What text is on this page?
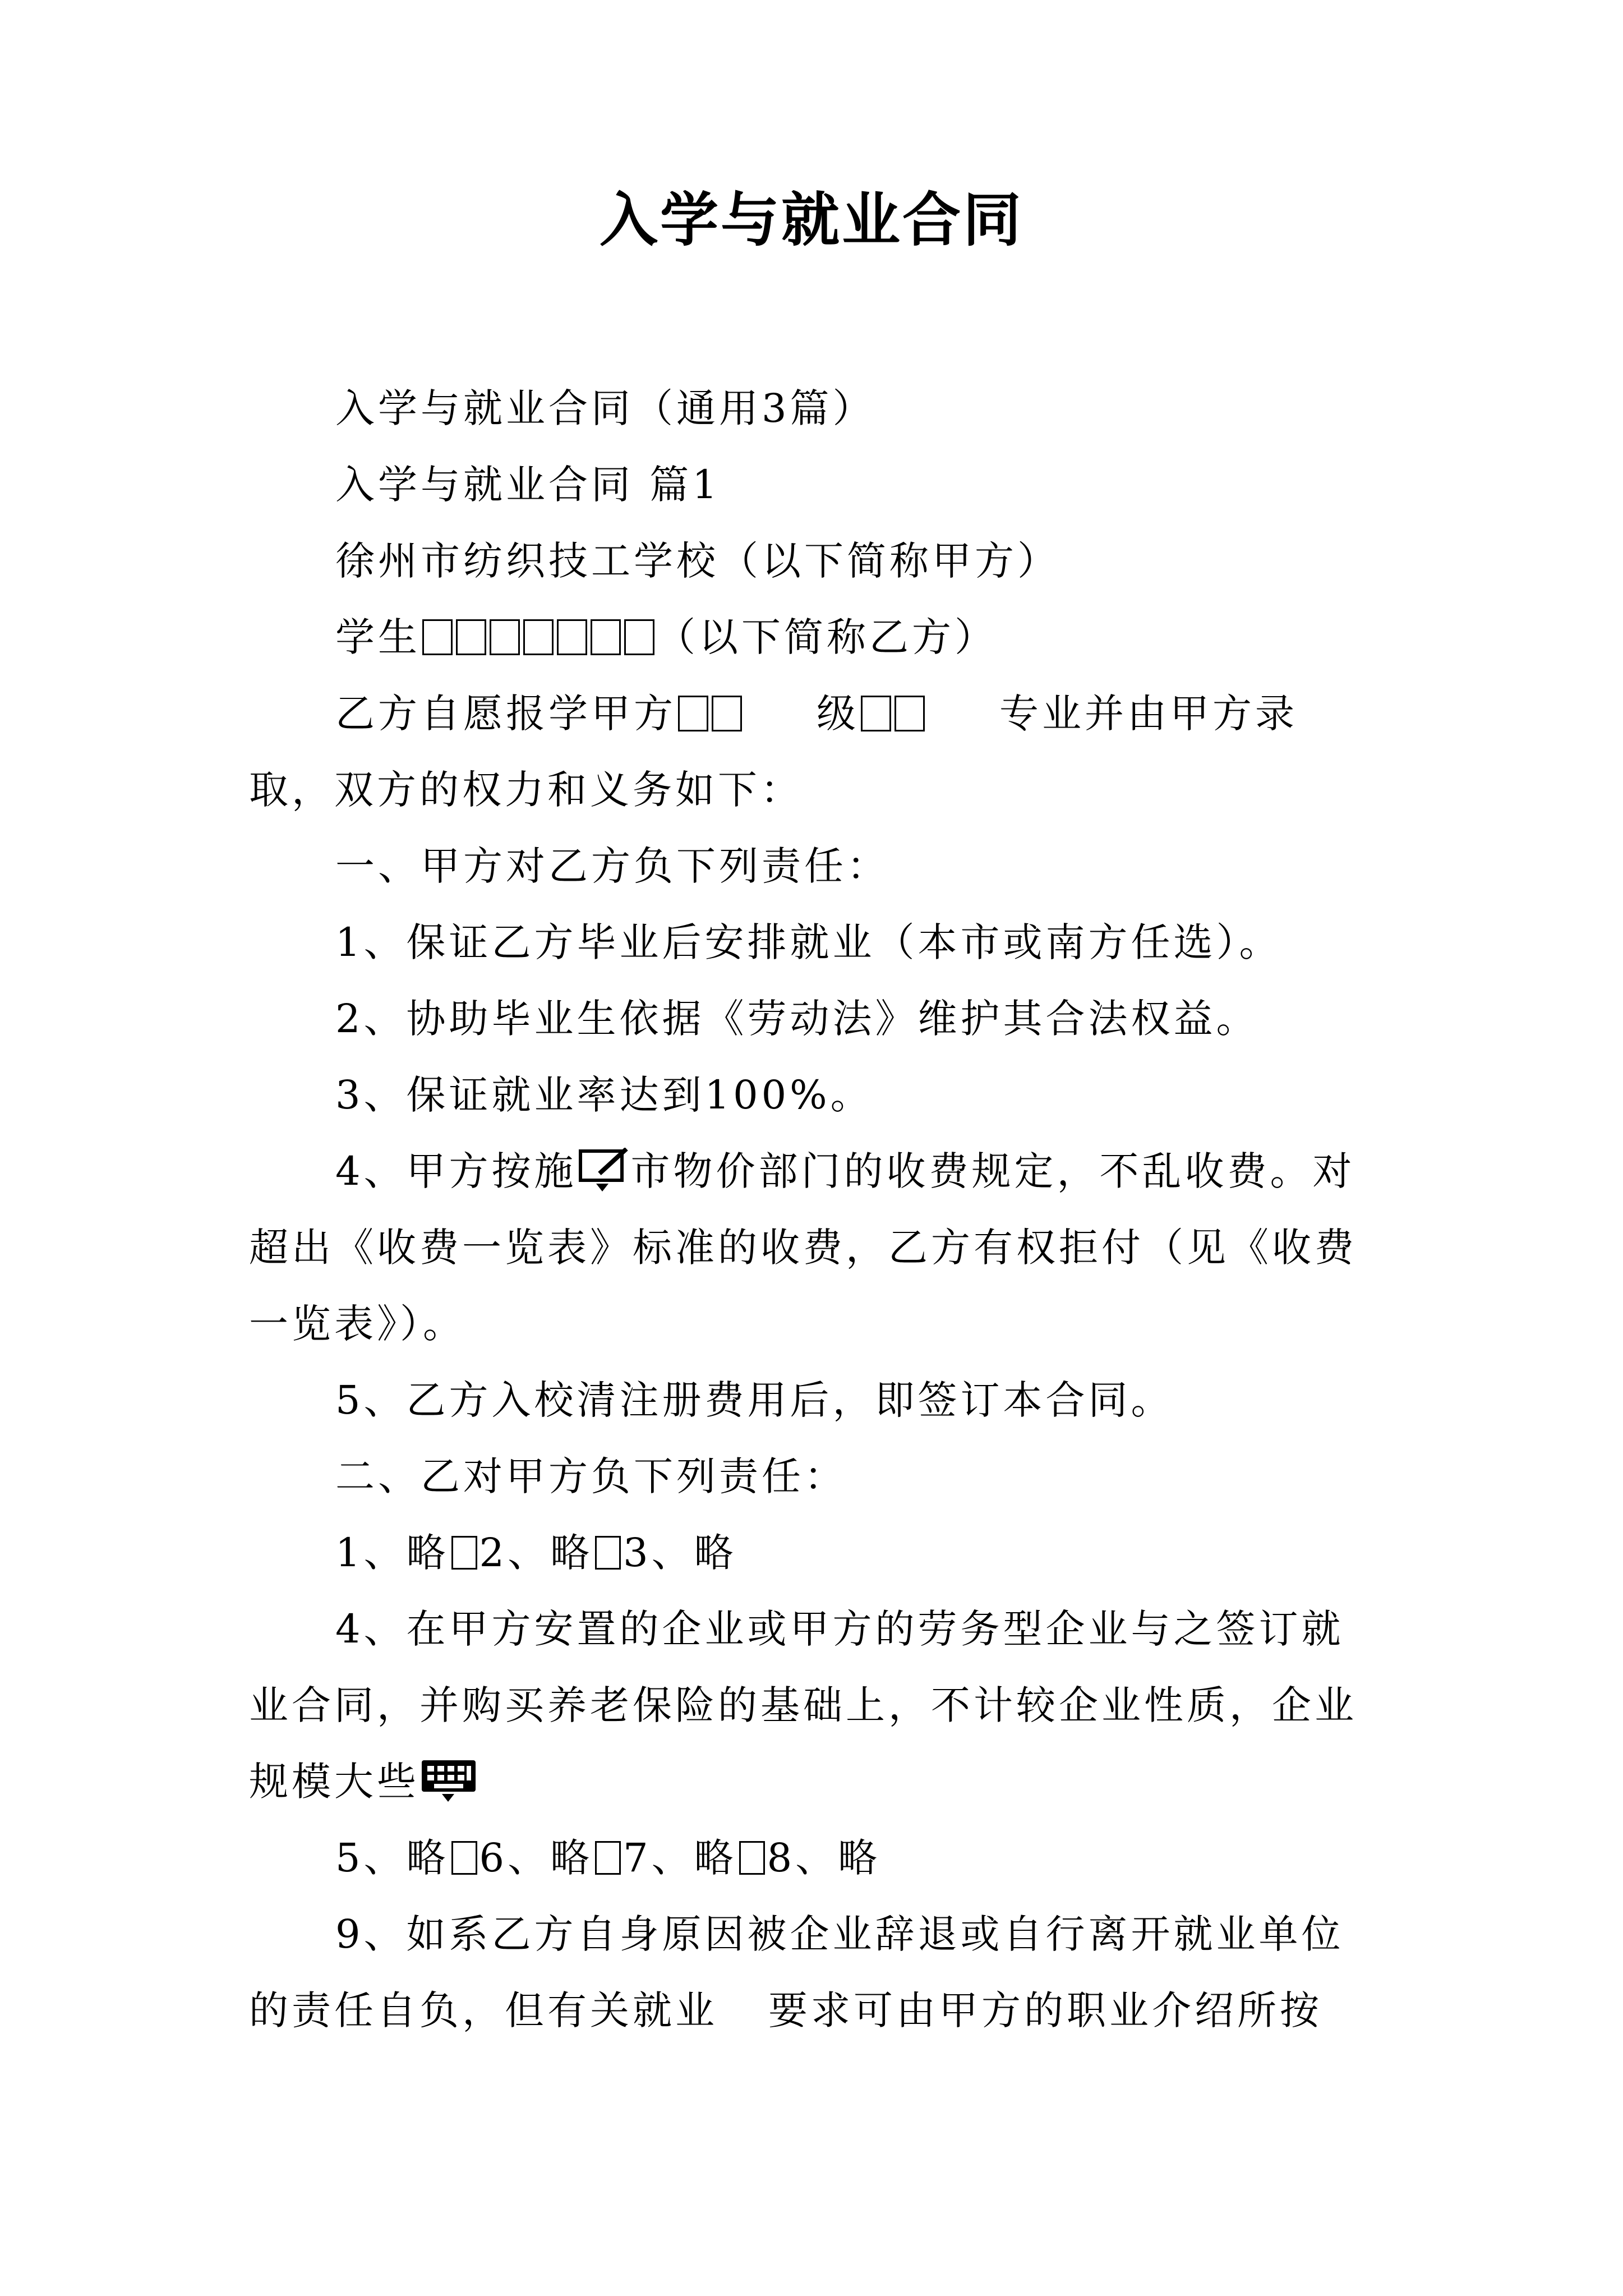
入学与就业合同

入学与就业合同（通用3篇）

入学与就业合同 篇1

徐州市纺织技工学校（以下简称甲方）

学生	（以下简称乙方）

乙方自愿报学甲方	级	专业并由甲方录取，双方的权力和义务如下：

一、甲方对乙方负下列责任：

1、保证乙方毕业后安排就业（本市或南方任选）。

2、协助毕业生依据《劳动法》维护其合法权益。

3、保证就业率达到100%。

4、甲方按施 市物价部门的收费规定，不乱收费。对超出《收费一览表》标准的收费，乙方有权拒付（见《收费一览表》）。

5、乙方入校清注册费用后，即签订本合同。

二、乙对甲方负下列责任：

1、略 2、略 3、略

4、在甲方安置的企业或甲方的劳务型企业与之签订就业合同，并购买养老保险的基础上，不计较企业性质，企业规模大些

5、略 6、略 7、略 8、略

9、如系乙方自身原因被企业辞退或自行离开就业单位的责任自负，但有关就业 要求可由甲方的职业介绍所按
